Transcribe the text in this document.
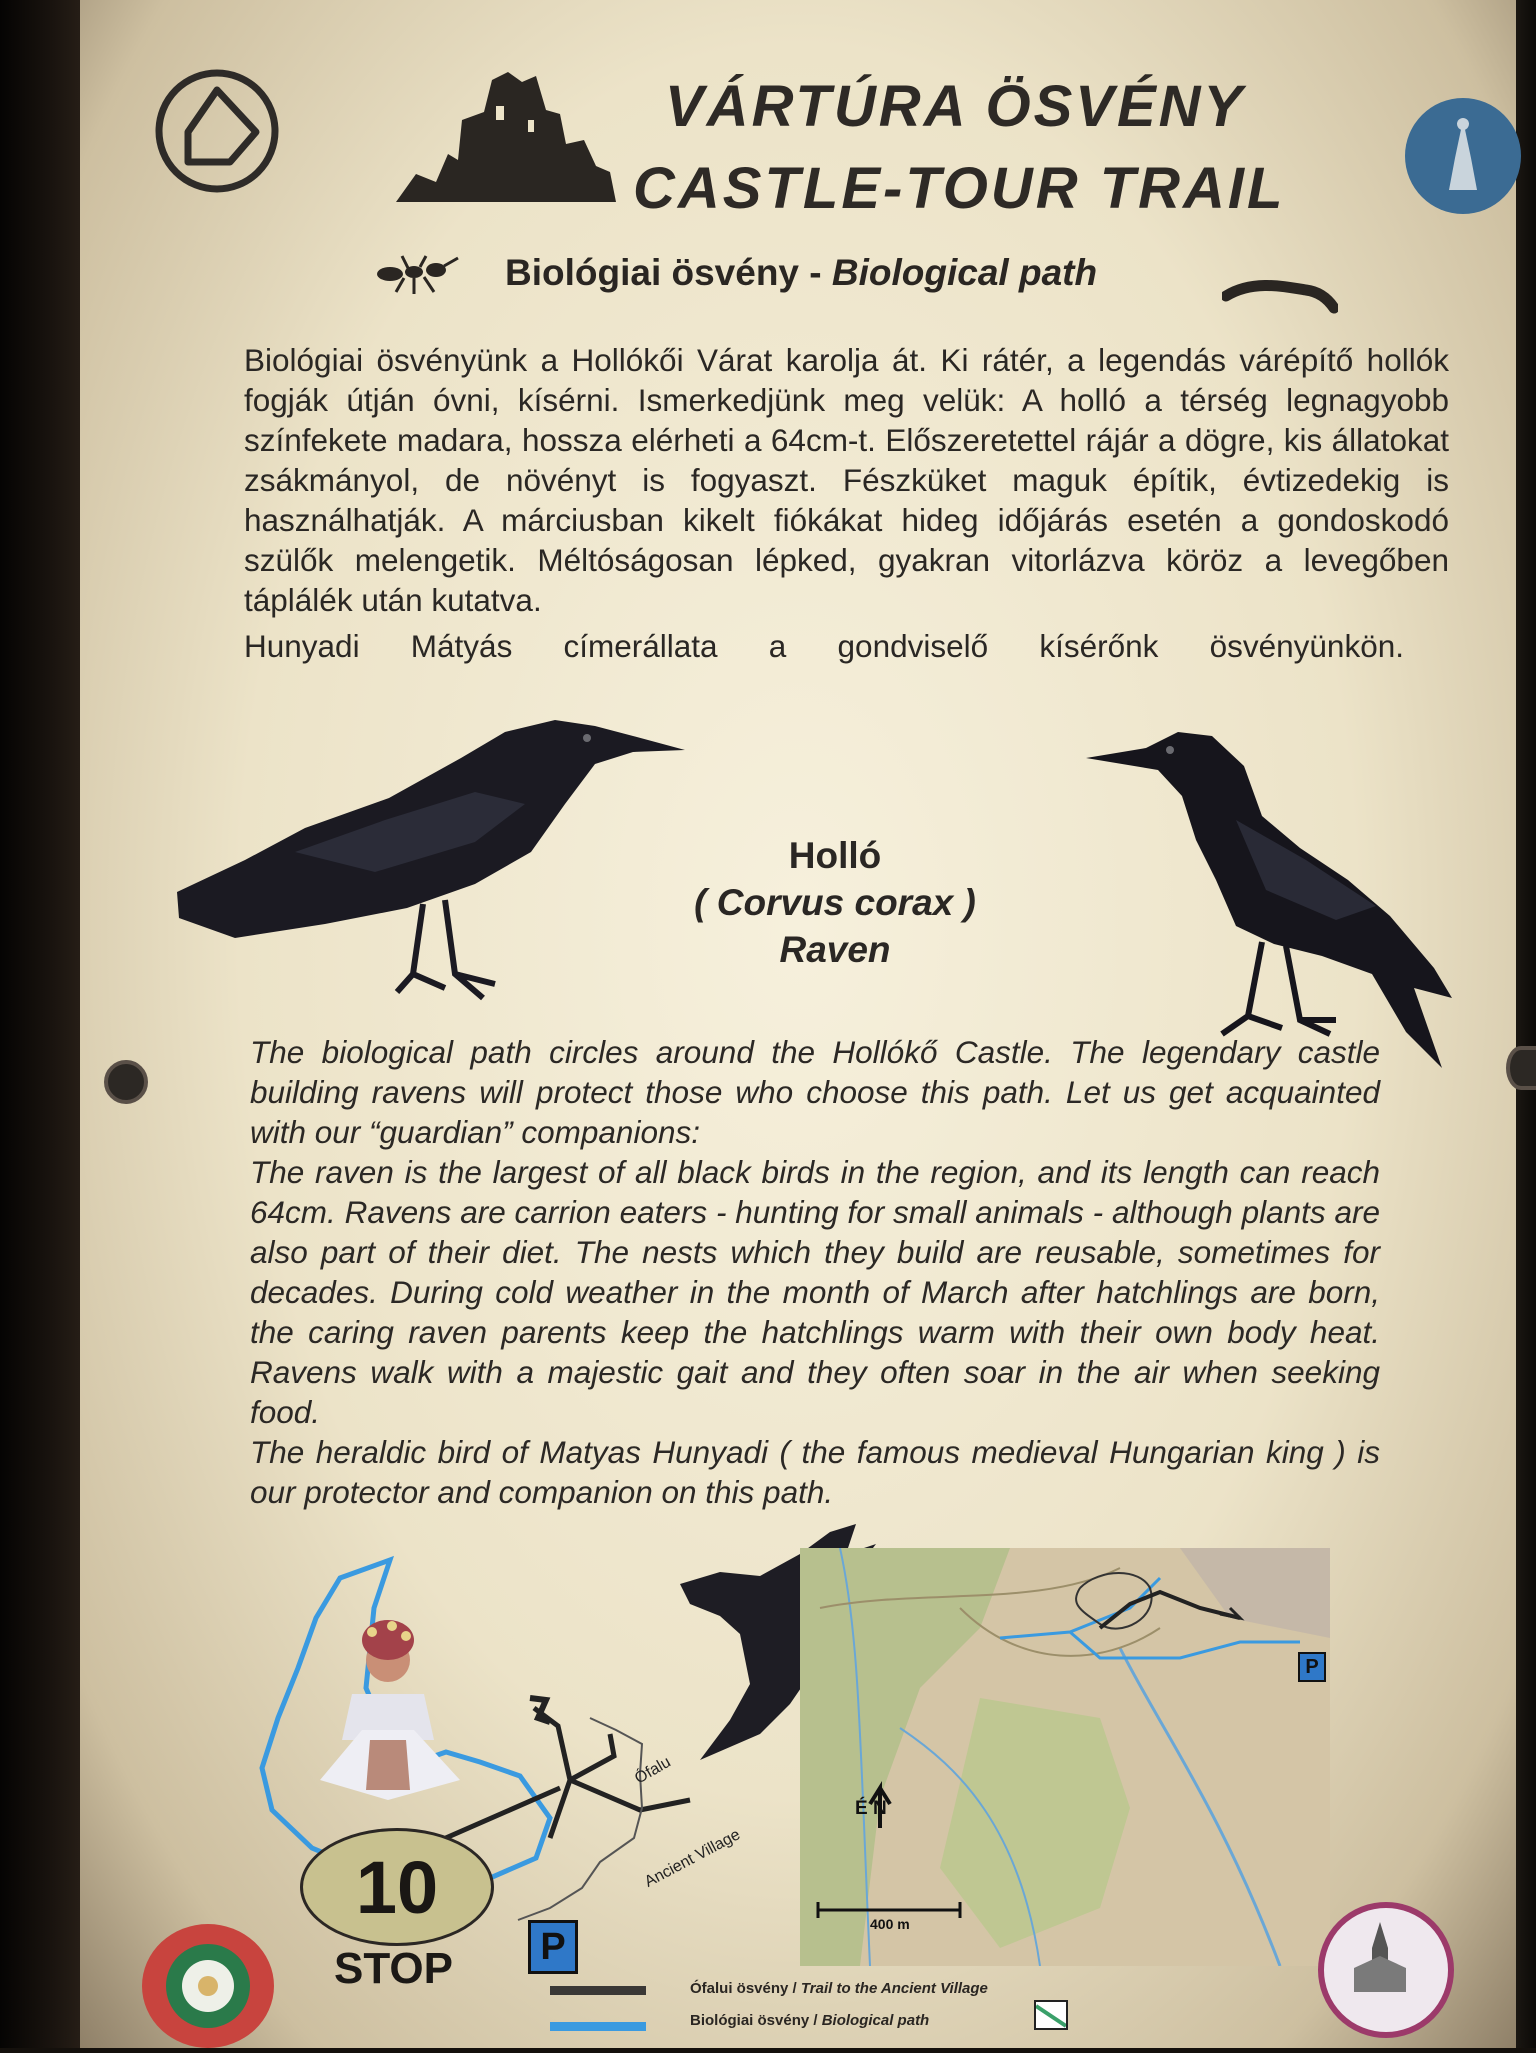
VÁRTÚRA ÖSVÉNY
CASTLE-TOUR TRAIL
Biológiai ösvény - Biological path

Biológiai ösvényünk a Hollókői Várat karolja át. Ki rátér, a legendás várépítő hollók fogják útján óvni, kísérni. Ismerkedjünk meg velük: A holló a térség legnagyobb színfekete madara, hossza elérheti a 64cm-t. Előszeretettel rájár a dögre, kis állatokat zsákmányol, de növényt is fogyaszt. Fészküket maguk építik, évtizedekig is használhatják. A márciusban kikelt fiókákat hideg időjárás esetén a gondoskodó szülők melengetik. Méltóságosan lépked, gyakran vitorlázva köröz a levegőben táplálék után kutatva.

Hunyadi Mátyás címerállata a gondviselő kísérőnk ösvényünkön.

Holló
( Corvus corax )
Raven

The biological path circles around the Hollókő Castle. The legendary castle building ravens will protect those who choose this path. Let us get acquainted with our “guardian” companions:

The raven is the largest of all black birds in the region, and its length can reach 64cm. Ravens are carrion eaters - hunting for small animals - although plants are also part of their diet. The nests which they build are reusable, sometimes for decades. During cold weather in the month of March after hatchlings are born, the caring raven parents keep the hatchlings warm with their own body heat. Ravens walk with a majestic gait and they often soar in the air when seeking food.

The heraldic bird of Matyas Hunyadi ( the famous medieval Hungarian king ) is our protector and companion on this path.

Ófalu
Ancient Village
10
STOP	P
É N
400 m
P
Ófalui ösvény / Trail to the Ancient Village
Biológiai ösvény / Biological path
